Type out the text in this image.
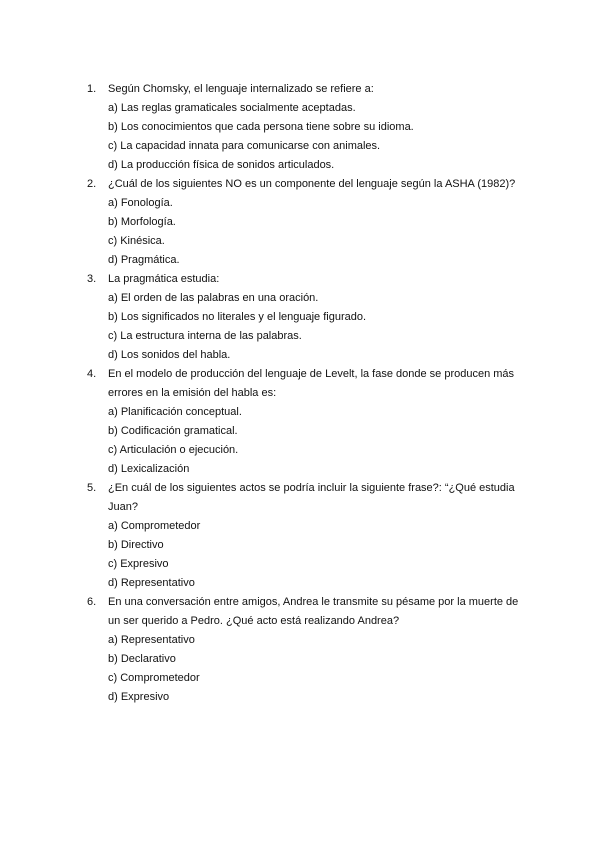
1. Según Chomsky, el lenguaje internalizado se refiere a:

a) Las reglas gramaticales socialmente aceptadas.
b) Los conocimientos que cada persona tiene sobre su idioma.
c) La capacidad innata para comunicarse con animales.
d) La producción física de sonidos articulados.
2. ¿Cuál de los siguientes NO es un componente del lenguaje según la ASHA (1982)?

a) Fonología.
b) Morfología.
c) Kinésica.
d) Pragmática.
3. La pragmática estudia:

a) El orden de las palabras en una oración.
b) Los significados no literales y el lenguaje figurado.
c) La estructura interna de las palabras.
d) Los sonidos del habla.
4. En el modelo de producción del lenguaje de Levelt, la fase donde se producen más errores en la emisión del habla es:

a) Planificación conceptual.
b) Codificación gramatical.
c) Articulación o ejecución.
d) Lexicalización
5. ¿En cuál de los siguientes actos se podría incluir la siguiente frase?: “¿Qué estudia Juan?

a) Comprometedor
b) Directivo
c) Expresivo
d) Representativo
6. En una conversación entre amigos, Andrea le transmite su pésame por la muerte de un ser querido a Pedro. ¿Qué acto está realizando Andrea?

a) Representativo
b) Declarativo
c) Comprometedor
d) Expresivo
